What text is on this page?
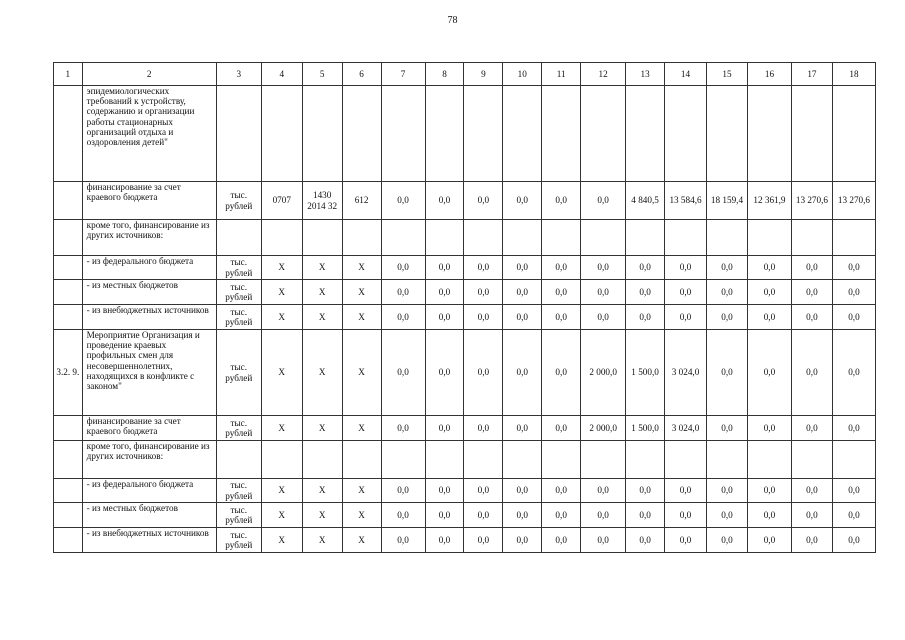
78
1	2	3	4	5	6	7	8	9	10	11	12	13	14	15	16	17	18
	эпидемиологических требований к устройству, содержанию и организации работы стационарных организаций отдыха и оздоровления детей"																
	финансирование за счет краевого бюджета	тыс. рублей	0707	1430 2014 32	612	0,0	0,0	0,0	0,0	0,0	0,0	4 840,5	13 584,6	18 159,4	12 361,9	13 270,6	13 270,6
	кроме того, финансирование из других источников:																
	- из федерального бюджета	тыс. рублей	Х	Х	Х	0,0	0,0	0,0	0,0	0,0	0,0	0,0	0,0	0,0	0,0	0,0	0,0
	- из местных бюджетов	тыс. рублей	Х	Х	Х	0,0	0,0	0,0	0,0	0,0	0,0	0,0	0,0	0,0	0,0	0,0	0,0
	- из внебюджетных источников	тыс. рублей	Х	Х	Х	0,0	0,0	0,0	0,0	0,0	0,0	0,0	0,0	0,0	0,0	0,0	0,0
3.2. 9.	Мероприятие Организация и проведение краевых профильных смен для несовершеннолетних, находящихся в конфликте с законом"	тыс. рублей	Х	Х	Х	0,0	0,0	0,0	0,0	0,0	2 000,0	1 500,0	3 024,0	0,0	0,0	0,0	0,0
	финансирование за счет краевого бюджета	тыс. рублей	Х	Х	Х	0,0	0,0	0,0	0,0	0,0	2 000,0	1 500,0	3 024,0	0,0	0,0	0,0	0,0
	кроме того, финансирование из других источников:																
	- из федерального бюджета	тыс. рублей	Х	Х	Х	0,0	0,0	0,0	0,0	0,0	0,0	0,0	0,0	0,0	0,0	0,0	0,0
	- из местных бюджетов	тыс. рублей	Х	Х	Х	0,0	0,0	0,0	0,0	0,0	0,0	0,0	0,0	0,0	0,0	0,0	0,0
	- из внебюджетных источников	тыс. рублей	Х	Х	Х	0,0	0,0	0,0	0,0	0,0	0,0	0,0	0,0	0,0	0,0	0,0	0,0
